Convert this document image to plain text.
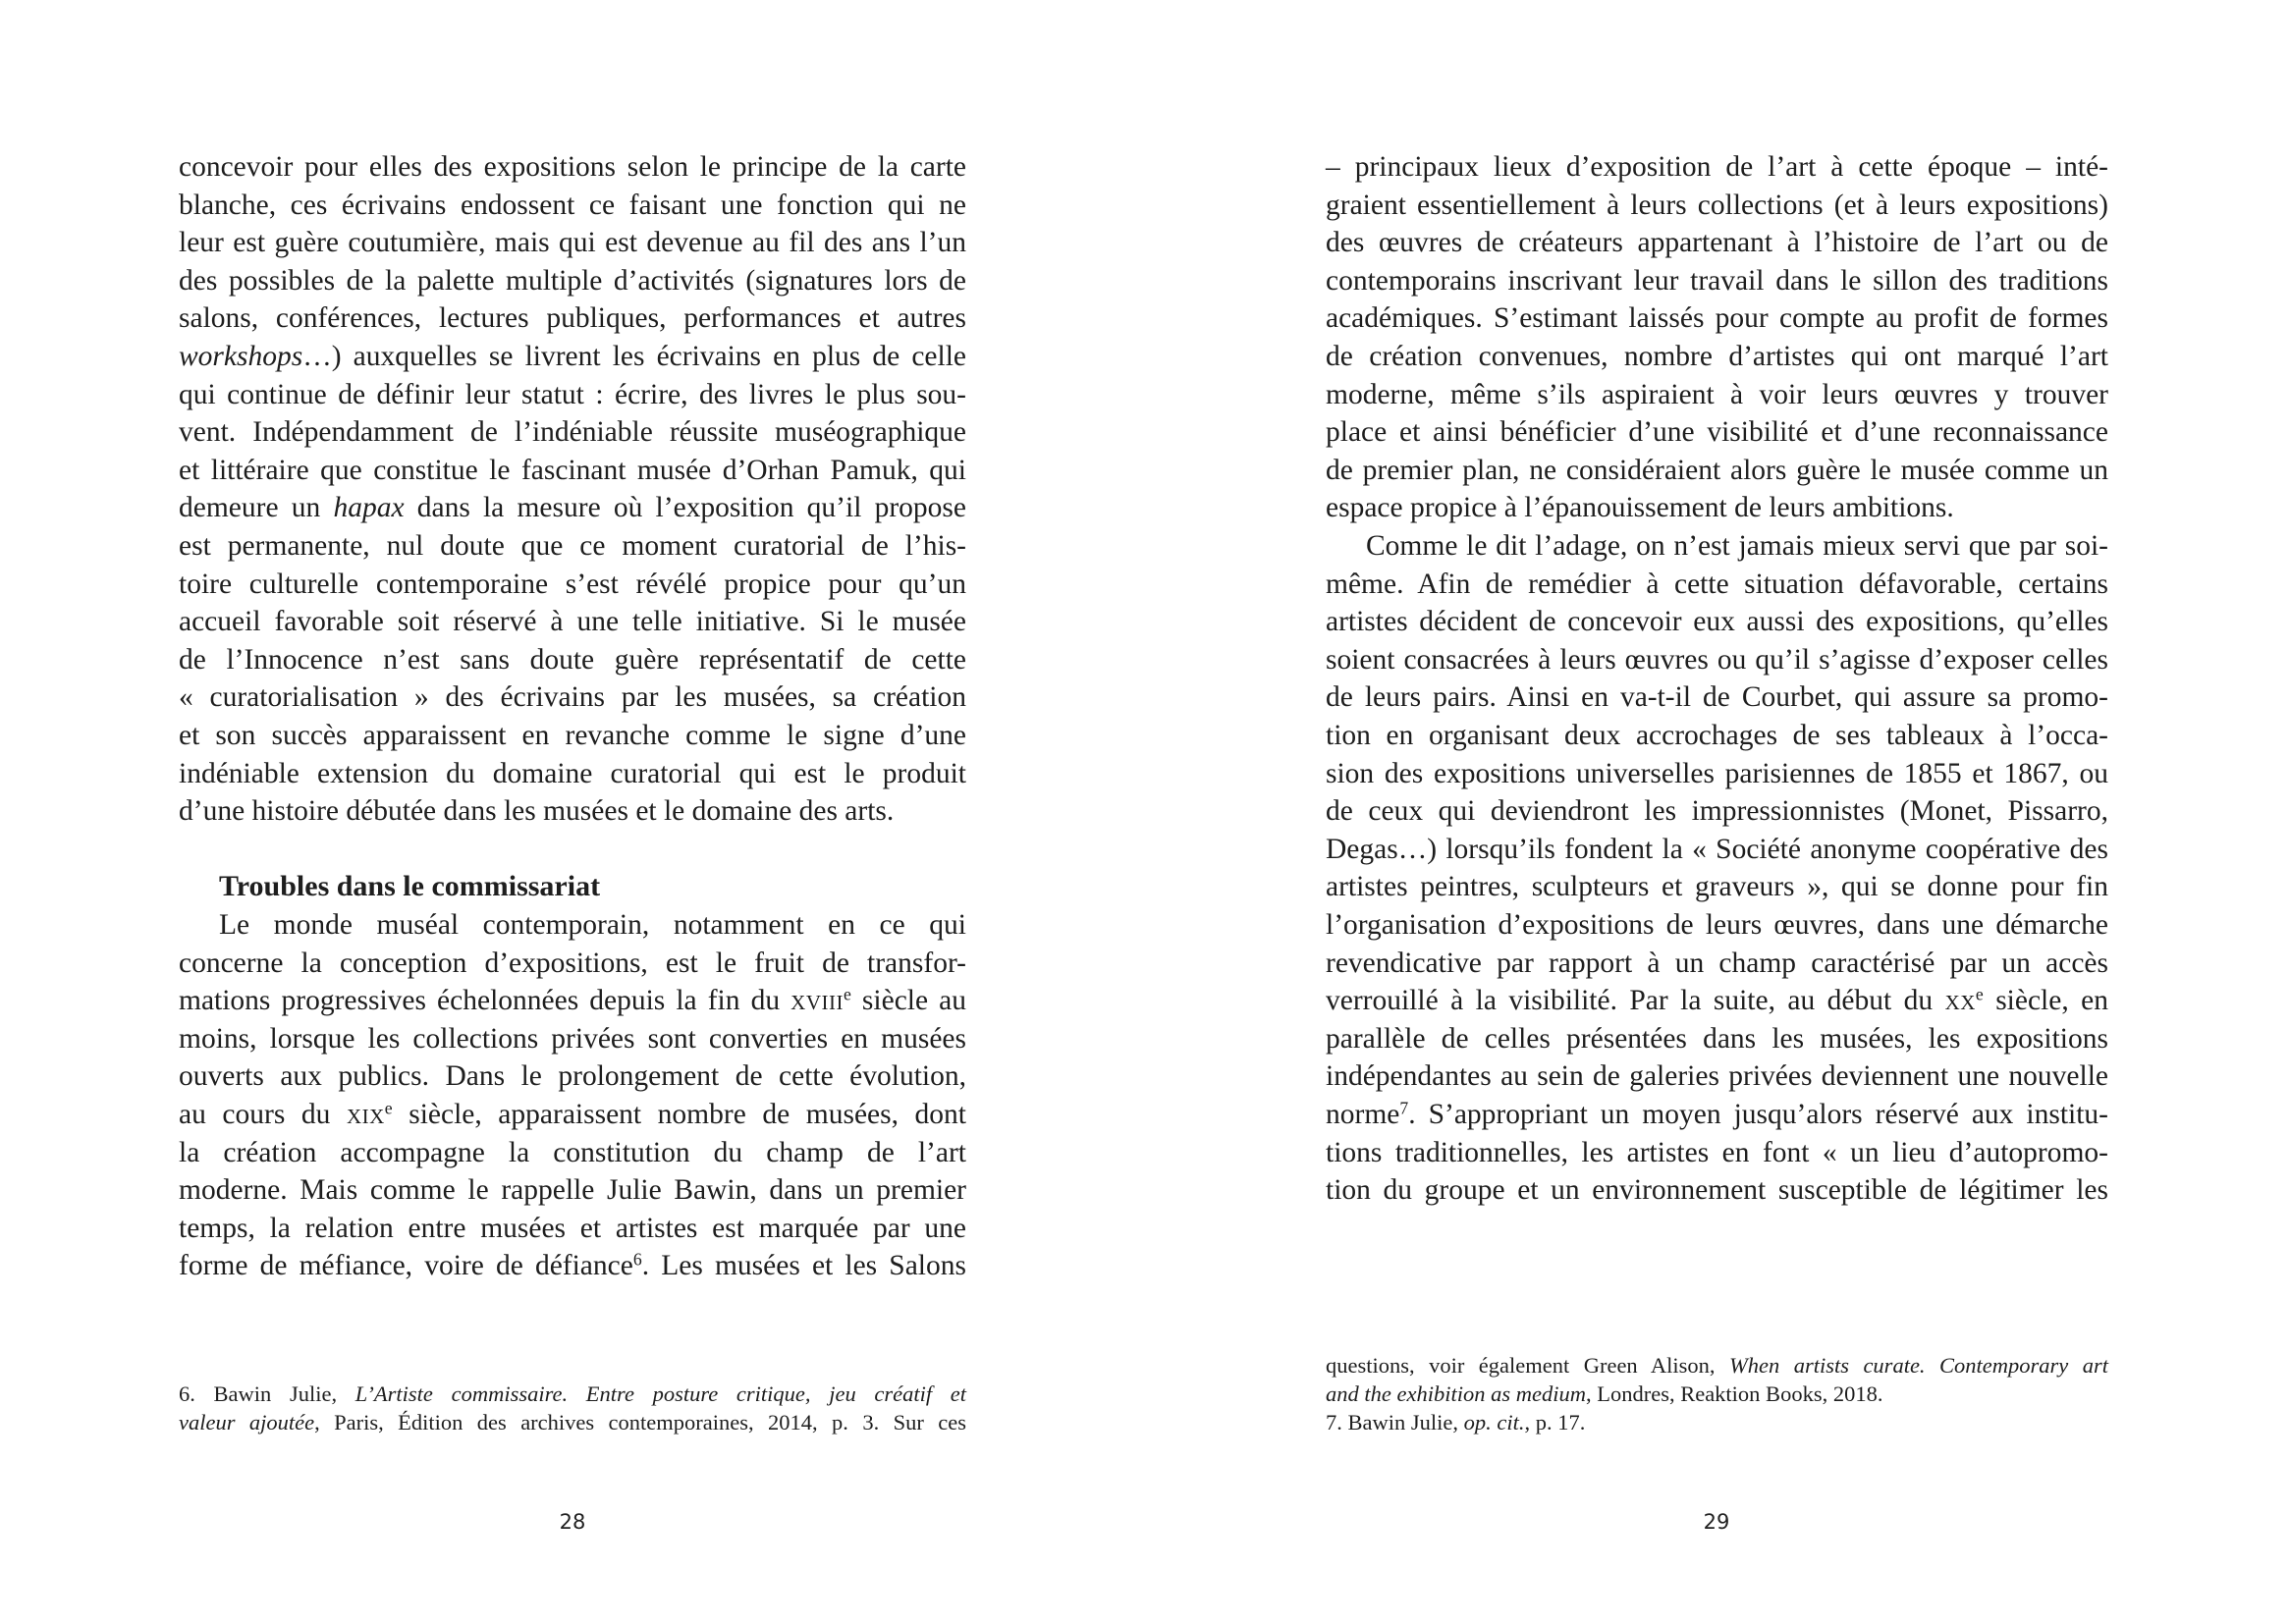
concevoir pour elles des expositions selon le principe de la carte
blanche, ces écrivains endossent ce faisant une fonction qui ne
leur est guère coutumière, mais qui est devenue au fil des ans l’un
des possibles de la palette multiple d’activités (signatures lors de
salons, conférences, lectures publiques, performances et autres
workshops…) auxquelles se livrent les écrivains en plus de celle
qui continue de définir leur statut : écrire, des livres le plus sou-
vent. Indépendamment de l’indéniable réussite muséographique
et littéraire que constitue le fascinant musée d’Orhan Pamuk, qui
demeure un hapax dans la mesure où l’exposition qu’il propose
est permanente, nul doute que ce moment curatorial de l’his-
toire culturelle contemporaine s’est révélé propice pour qu’un
accueil favorable soit réservé à une telle initiative. Si le musée
de l’Innocence n’est sans doute guère représentatif de cette
« curatorialisation » des écrivains par les musées, sa création
et son succès apparaissent en revanche comme le signe d’une
indéniable extension du domaine curatorial qui est le produit
d’une histoire débutée dans les musées et le domaine des arts.
Troubles dans le commissariat
Le monde muséal contemporain, notamment en ce qui
concerne la conception d’expositions, est le fruit de transfor-
mations progressives échelonnées depuis la fin du xviii$^e$ siècle au
moins, lorsque les collections privées sont converties en musées
ouverts aux publics. Dans le prolongement de cette évolution,
au cours du xix$^e$ siècle, apparaissent nombre de musées, dont
la création accompagne la constitution du champ de l’art
moderne. Mais comme le rappelle Julie Bawin, dans un premier
temps, la relation entre musées et artistes est marquée par une
forme de méfiance, voire de défiance$^6$. Les musées et les Salons
6. Bawin Julie, L’Artiste commissaire. Entre posture critique, jeu créatif et
valeur ajoutée, Paris, Édition des archives contemporaines, 2014, p. 3. Sur ces
28
– principaux lieux d’exposition de l’art à cette époque – inté-
graient essentiellement à leurs collections (et à leurs expositions)
des œuvres de créateurs appartenant à l’histoire de l’art ou de
contemporains inscrivant leur travail dans le sillon des traditions
académiques. S’estimant laissés pour compte au profit de formes
de création convenues, nombre d’artistes qui ont marqué l’art
moderne, même s’ils aspiraient à voir leurs œuvres y trouver
place et ainsi bénéficier d’une visibilité et d’une reconnaissance
de premier plan, ne considéraient alors guère le musée comme un
espace propice à l’épanouissement de leurs ambitions.
Comme le dit l’adage, on n’est jamais mieux servi que par soi-
même. Afin de remédier à cette situation défavorable, certains
artistes décident de concevoir eux aussi des expositions, qu’elles
soient consacrées à leurs œuvres ou qu’il s’agisse d’exposer celles
de leurs pairs. Ainsi en va-t-il de Courbet, qui assure sa promo-
tion en organisant deux accrochages de ses tableaux à l’occa-
sion des expositions universelles parisiennes de 1855 et 1867, ou
de ceux qui deviendront les impressionnistes (Monet, Pissarro,
Degas…) lorsqu’ils fondent la « Société anonyme coopérative des
artistes peintres, sculpteurs et graveurs », qui se donne pour fin
l’organisation d’expositions de leurs œuvres, dans une démarche
revendicative par rapport à un champ caractérisé par un accès
verrouillé à la visibilité. Par la suite, au début du $xx^e$ siècle, en
parallèle de celles présentées dans les musées, les expositions
indépendantes au sein de galeries privées deviennent une nouvelle
norme$^7$. S’appropriant un moyen jusqu’alors réservé aux institu-
tions traditionnelles, les artistes en font « un lieu d’autopromo-
tion du groupe et un environnement susceptible de légitimer les
questions, voir également Green Alison, When artists curate. Contemporary art
and the exhibition as medium, Londres, Reaktion Books, 2018.
7. Bawin Julie, op. cit., p. 17.
29
